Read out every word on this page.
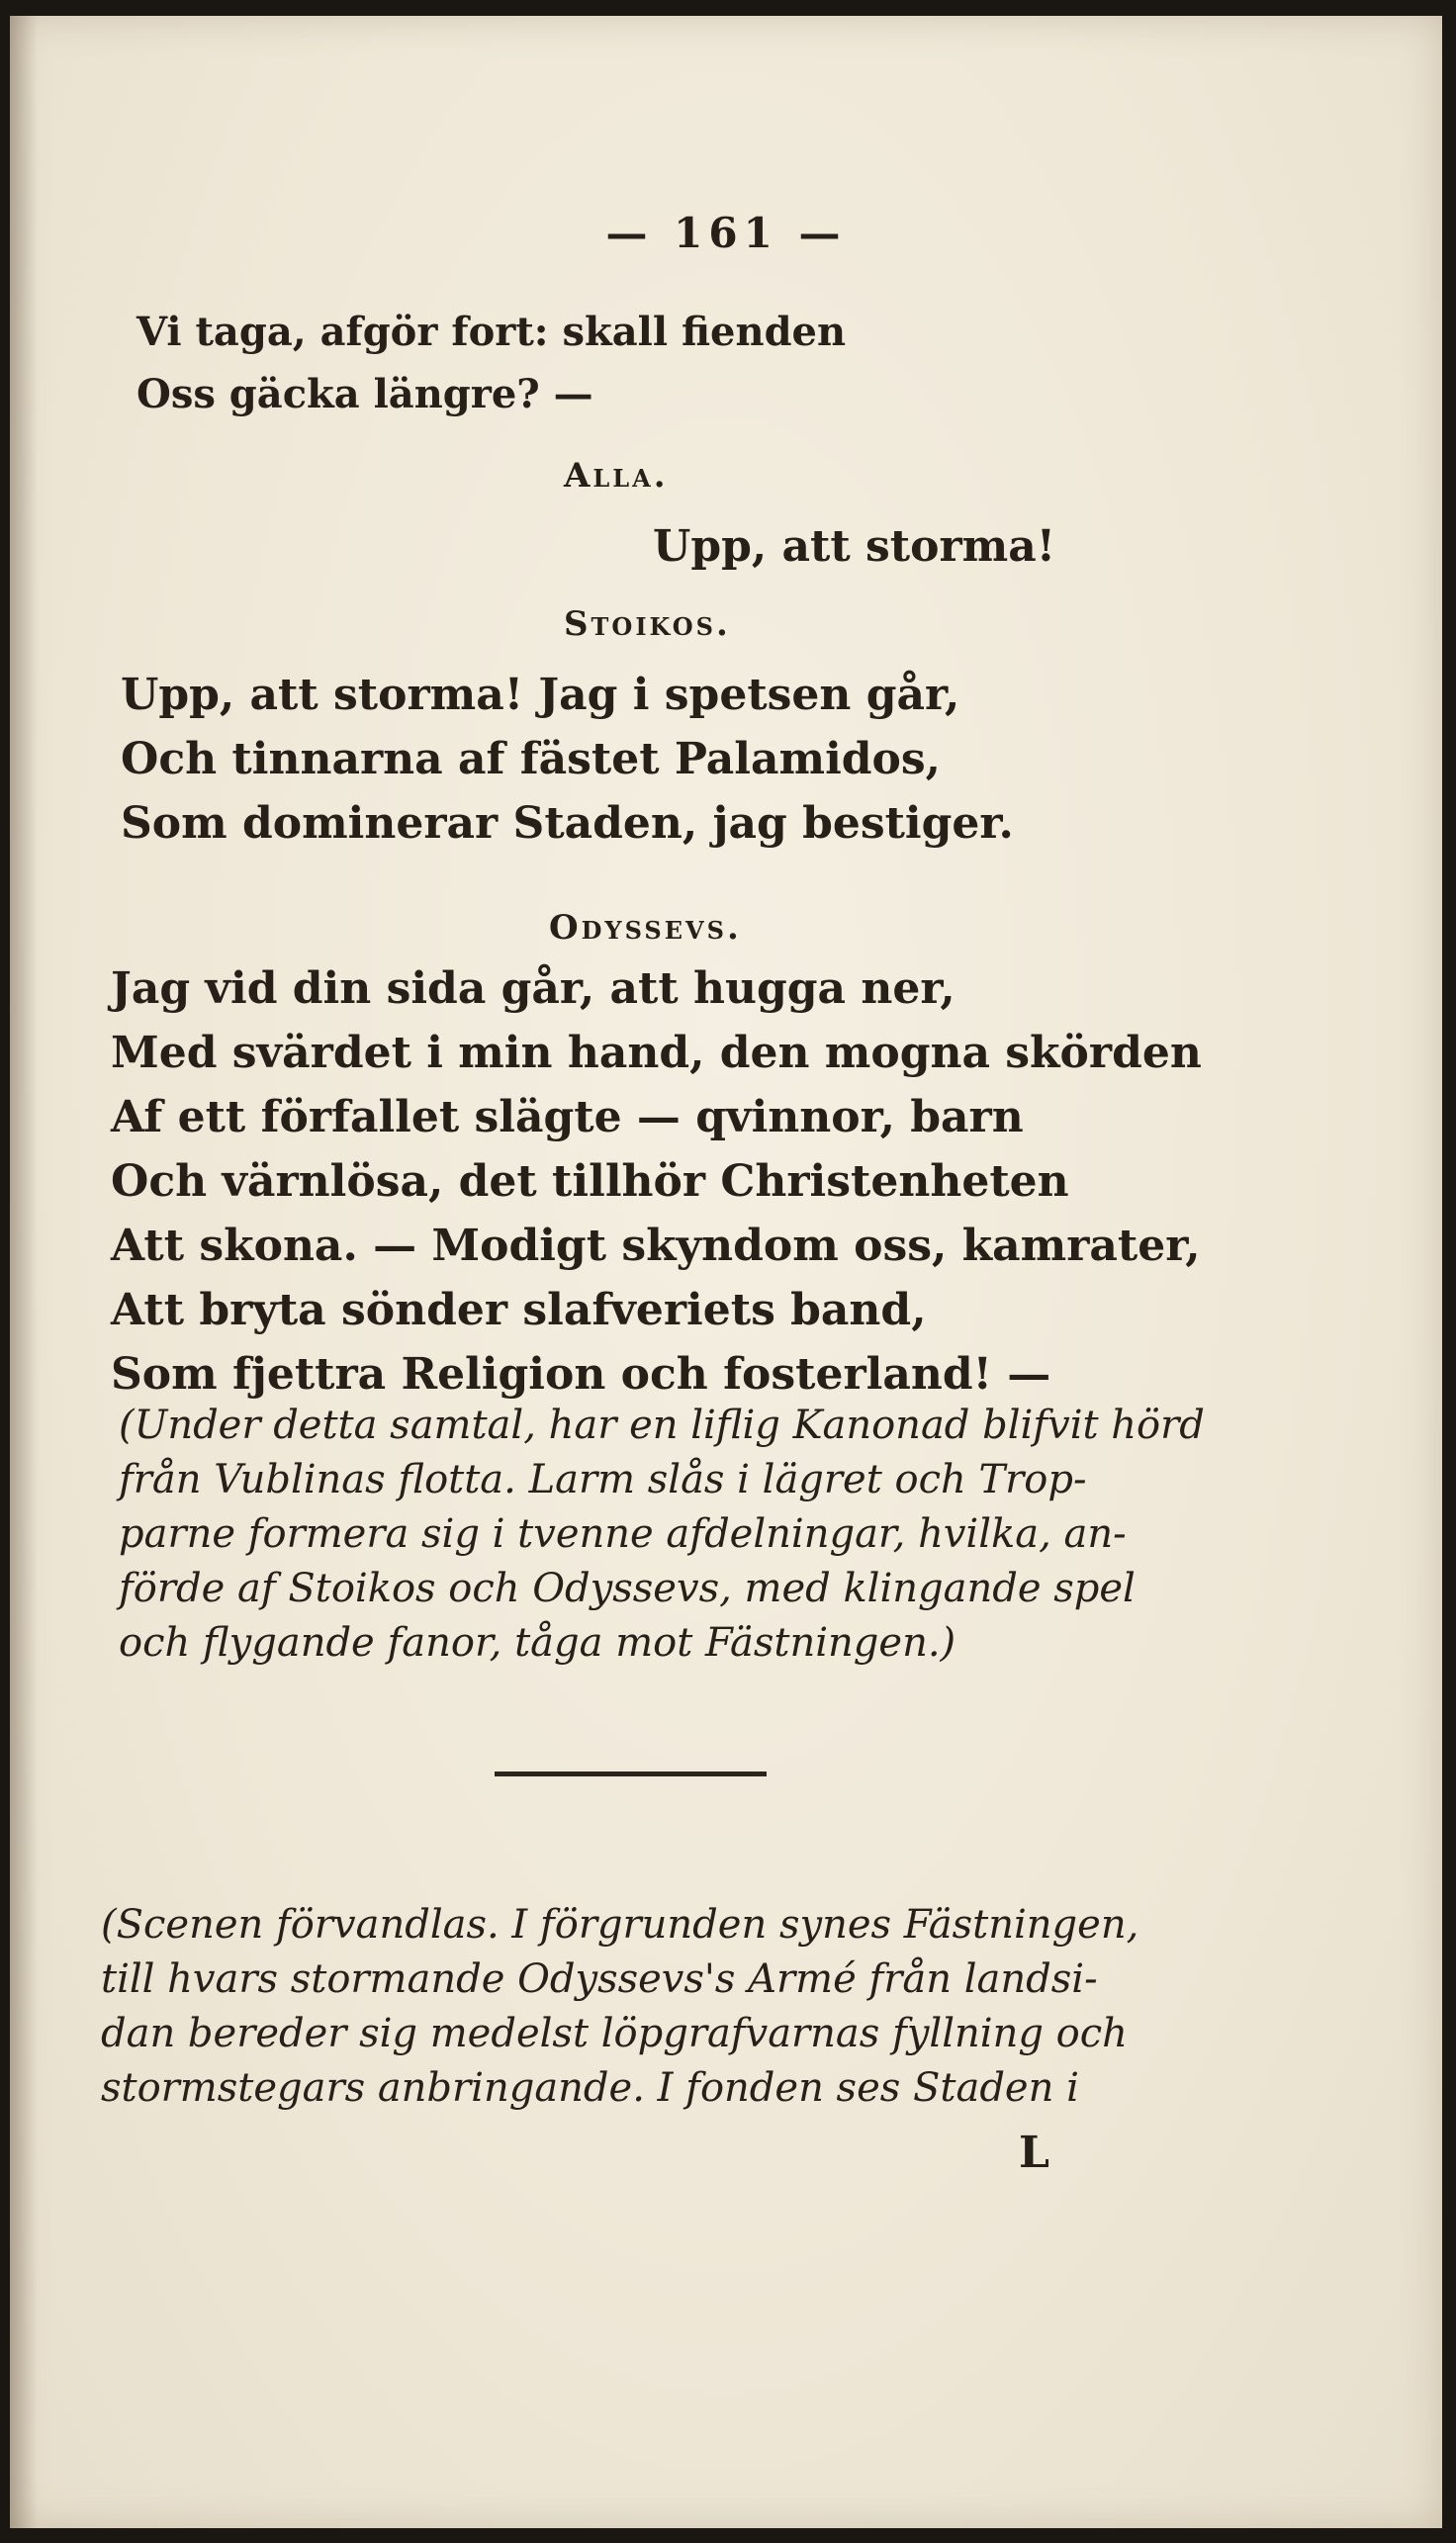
— 161 —
Vi taga, afgör fort: skall fienden
Oss gäcka längre? —
Alla.
Upp, att storma!
Stoikos.
Upp, att storma! Jag i spetsen går,
Och tinnarna af fästet Palamidos,
Som dominerar Staden, jag bestiger.
Odyssevs.
Jag vid din sida går, att hugga ner,
Med svärdet i min hand, den mogna skörden
Af ett förfallet slägte — qvinnor, barn
Och värnlösa, det tillhör Christenheten
Att skona. — Modigt skyndom oss, kamrater,
Att bryta sönder slafveriets band,
Som fjettra Religion och fosterland! —
(Under detta samtal, har en liflig Kanonad blifvit hörd
från Vublinas flotta. Larm slås i lägret och Trop-
parne formera sig i tvenne afdelningar, hvilka, an-
förde af Stoikos och Odyssevs, med klingande spel
och flygande fanor, tåga mot Fästningen.)
(Scenen förvandlas. I förgrunden synes Fästningen,
till hvars stormande Odyssevs's Armé från landsi-
dan bereder sig medelst löpgrafvarnas fyllning och
stormstegars anbringande. I fonden ses Staden i
L
